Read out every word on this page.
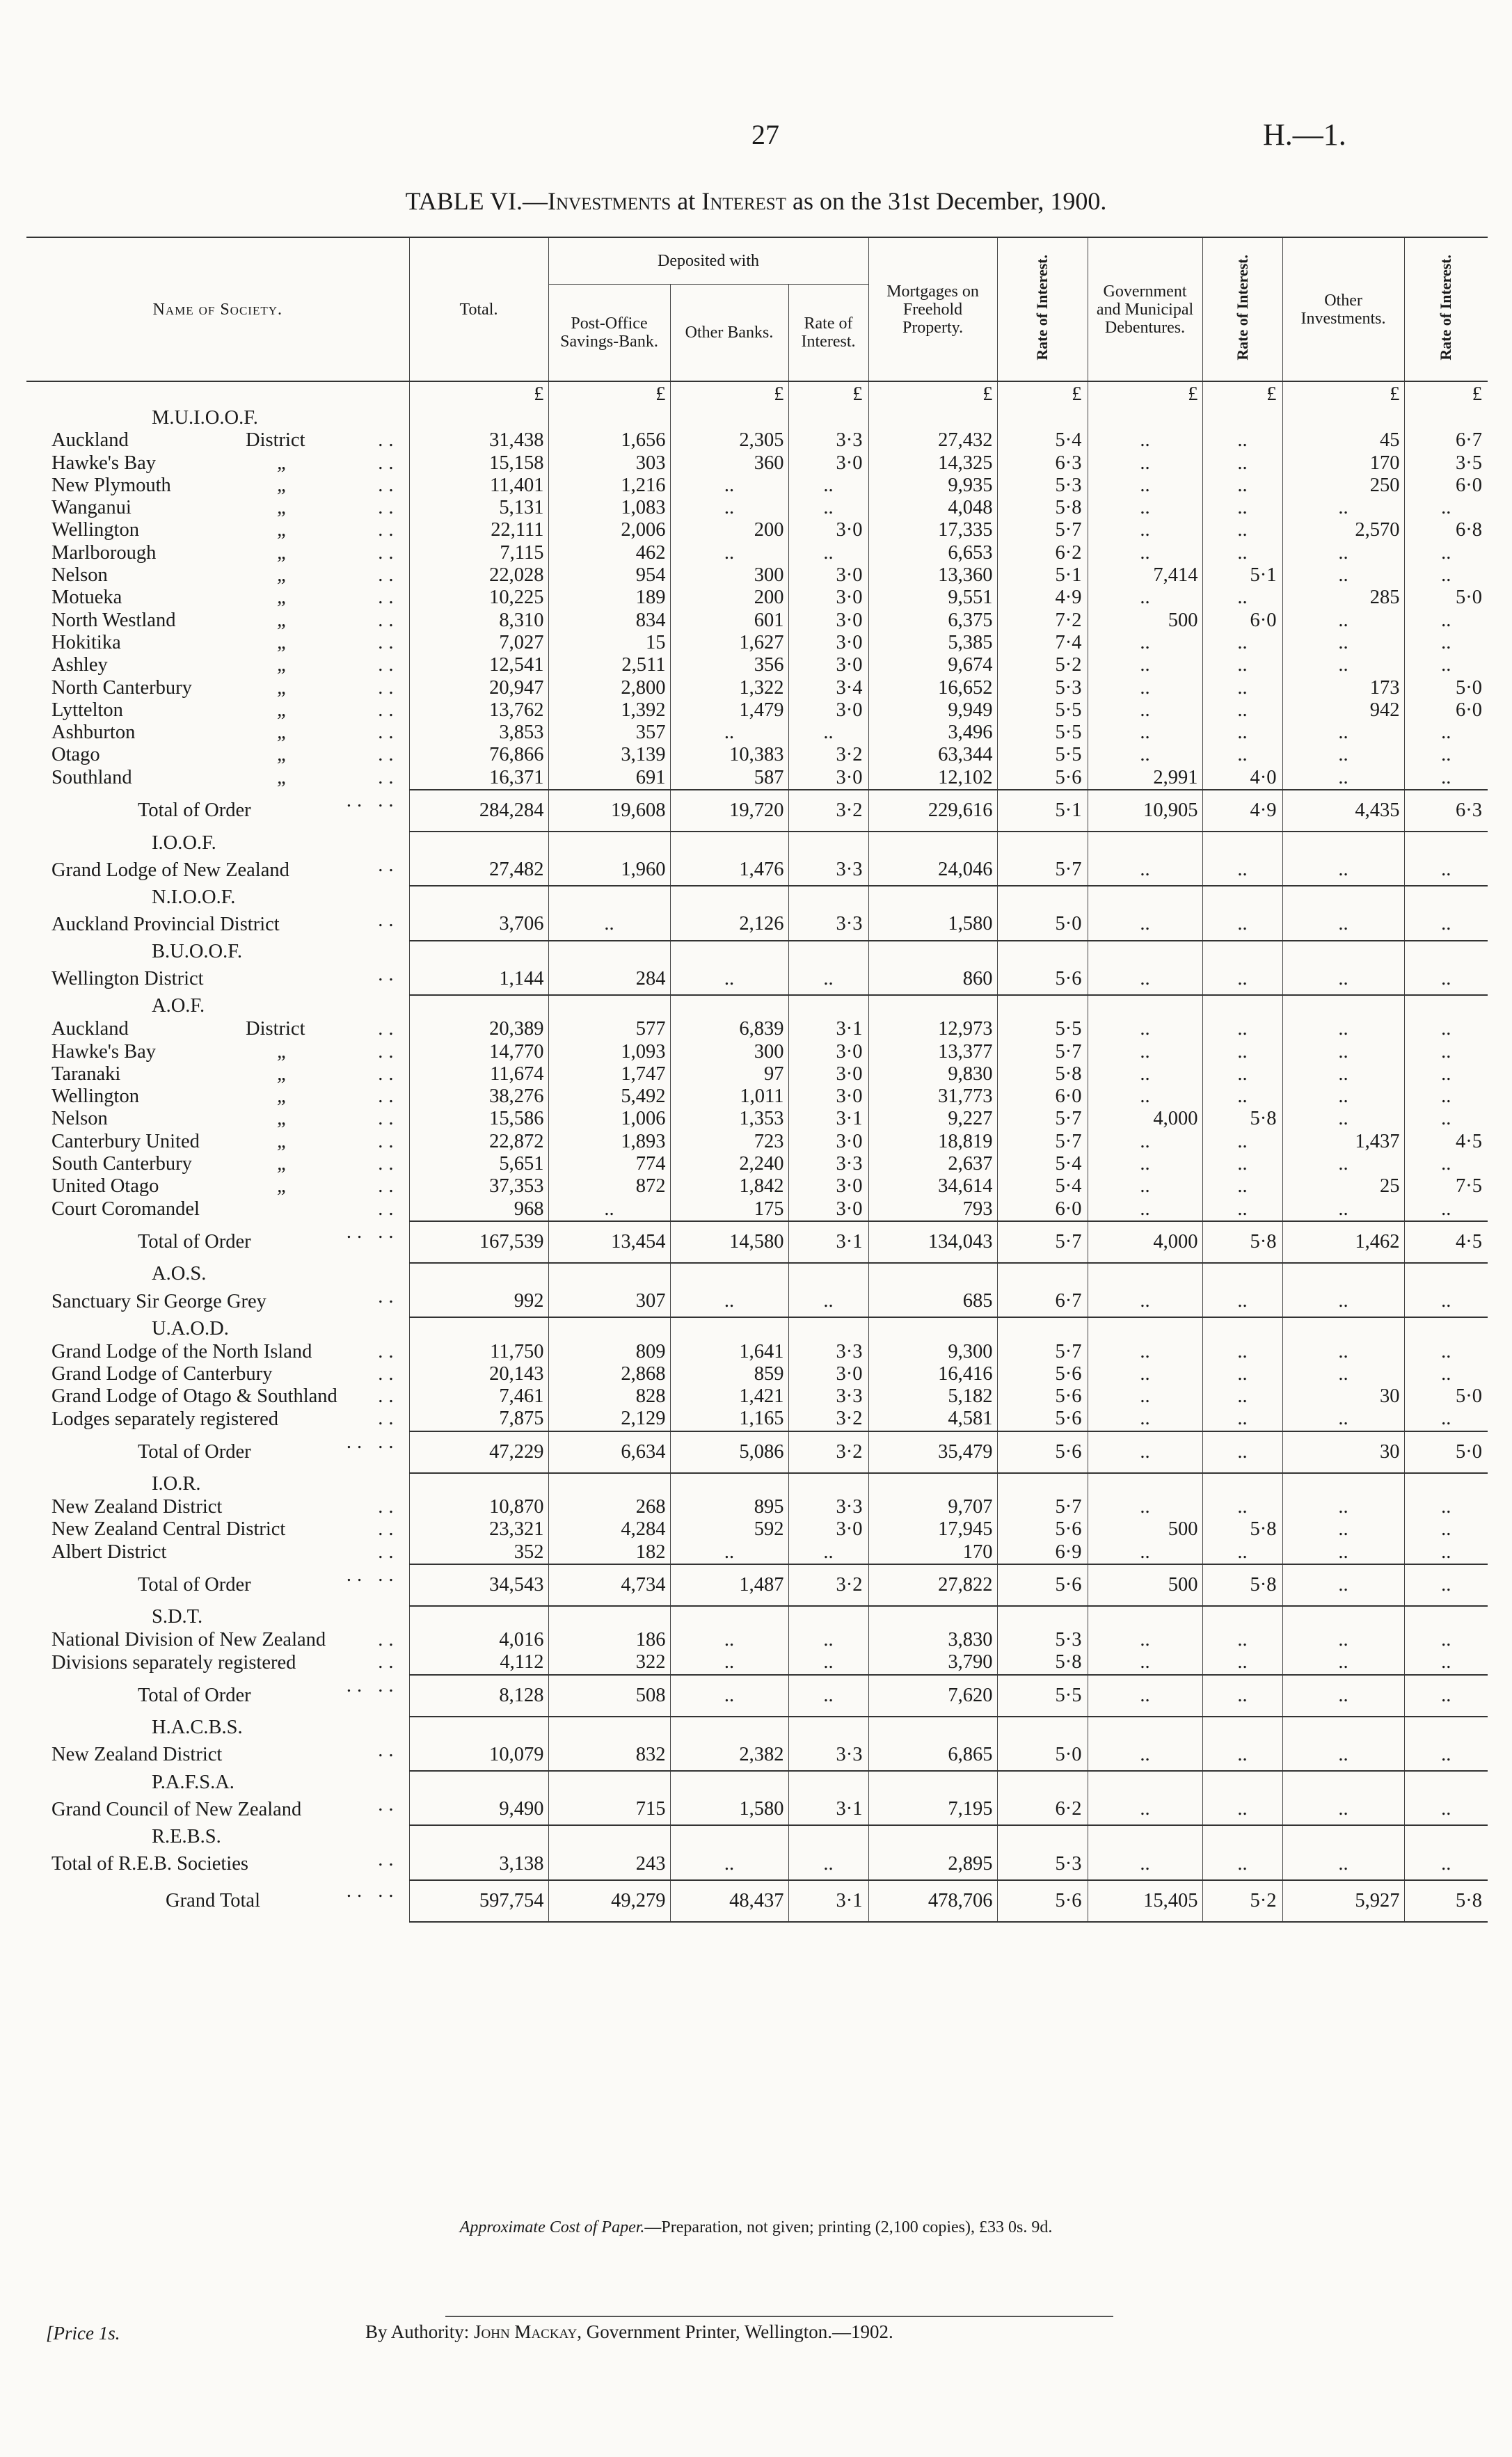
27	H.—1.
TABLE VI.—Investments at Interest as on the 31st December, 1900.
Name of Society.	Total.	Deposited with			Mortgages on Freehold Property.	Rate of Interest.	Government and Municipal Debentures.	Rate of Interest.	Other Investments.	Rate of Interest.
		Post-Office Savings-Bank.	Other Banks.	Rate of Interest.						
	£	£	£	£	£	£	£	£	£	£
M.U.I.O.O.F.										
Auckland District ..	31,438	1,656	2,305	3·3	27,432	5·4	..	..	45	6·7
Hawke's Bay „ ..	15,158	303	360	3·0	14,325	6·3	..	..	170	3·5
New Plymouth „ ..	11,401	1,216	..	..	9,935	5·3	..	..	250	6·0
Wanganui „ ..	5,131	1,083	..	..	4,048	5·8	..	..	..	..
Wellington „ ..	22,111	2,006	200	3·0	17,335	5·7	..	..	2,570	6·8
Marlborough „ ..	7,115	462	..	..	6,653	6·2	..	..	..	..
Nelson „ ..	22,028	954	300	3·0	13,360	5·1	7,414	5·1	..	..
Motueka „ ..	10,225	189	200	3·0	9,551	4·9	..	..	285	5·0
North Westland „ ..	8,310	834	601	3·0	6,375	7·2	500	6·0	..	..
Hokitika „ ..	7,027	15	1,627	3·0	5,385	7·4	..	..	..	..
Ashley „ ..	12,541	2,511	356	3·0	9,674	5·2	..	..	..	..
North Canterbury „ ..	20,947	2,800	1,322	3·4	16,652	5·3	..	..	173	5·0
Lyttelton „ ..	13,762	1,392	1,479	3·0	9,949	5·5	..	..	942	6·0
Ashburton „ ..	3,853	357	..	..	3,496	5·5	..	..	..	..
Otago „ ..	76,866	3,139	10,383	3·2	63,344	5·5	..	..	..	..
Southland „ ..	16,371	691	587	3·0	12,102	5·6	2,991	4·0	..	..
Total of Order .. ..	284,284	19,608	19,720	3·2	229,616	5·1	10,905	4·9	4,435	6·3
I.O.O.F.										
Grand Lodge of New Zealand ..	27,482	1,960	1,476	3·3	24,046	5·7	..	..	..	..
N.I.O.O.F.										
Auckland Provincial District ..	3,706	..	2,126	3·3	1,580	5·0	..	..	..	..
B.U.O.O.F.										
Wellington District ..	1,144	284	..	..	860	5·6	..	..	..	..
A.O.F.										
Auckland District ..	20,389	577	6,839	3·1	12,973	5·5	..	..	..	..
Hawke's Bay „ ..	14,770	1,093	300	3·0	13,377	5·7	..	..	..	..
Taranaki „ ..	11,674	1,747	97	3·0	9,830	5·8	..	..	..	..
Wellington „ ..	38,276	5,492	1,011	3·0	31,773	6·0	..	..	..	..
Nelson „ ..	15,586	1,006	1,353	3·1	9,227	5·7	4,000	5·8	..	..
Canterbury United „ ..	22,872	1,893	723	3·0	18,819	5·7	..	..	1,437	4·5
South Canterbury „ ..	5,651	774	2,240	3·3	2,637	5·4	..	..	..	..
United Otago „ ..	37,353	872	1,842	3·0	34,614	5·4	..	..	25	7·5
Court Coromandel ..	968	..	175	3·0	793	6·0	..	..	..	..
Total of Order .. ..	167,539	13,454	14,580	3·1	134,043	5·7	4,000	5·8	1,462	4·5
A.O.S.										
Sanctuary Sir George Grey ..	992	307	..	..	685	6·7	..	..	..	..
U.A.O.D.										
Grand Lodge of the North Island ..	11,750	809	1,641	3·3	9,300	5·7	..	..	..	..
Grand Lodge of Canterbury ..	20,143	2,868	859	3·0	16,416	5·6	..	..	..	..
Grand Lodge of Otago & Southland ..	7,461	828	1,421	3·3	5,182	5·6	..	..	30	5·0
Lodges separately registered ..	7,875	2,129	1,165	3·2	4,581	5·6	..	..	..	..
Total of Order .. ..	47,229	6,634	5,086	3·2	35,479	5·6	..	..	30	5·0
I.O.R.										
New Zealand District ..	10,870	268	895	3·3	9,707	5·7	..	..	..	..
New Zealand Central District ..	23,321	4,284	592	3·0	17,945	5·6	500	5·8	..	..
Albert District ..	352	182	..	..	170	6·9	..	..	..	..
Total of Order .. ..	34,543	4,734	1,487	3·2	27,822	5·6	500	5·8	..	..
S.D.T.										
National Division of New Zealand ..	4,016	186	..	..	3,830	5·3	..	..	..	..
Divisions separately registered ..	4,112	322	..	..	3,790	5·8	..	..	..	..
Total of Order .. ..	8,128	508	..	..	7,620	5·5	..	..	..	..
H.A.C.B.S.										
New Zealand District ..	10,079	832	2,382	3·3	6,865	5·0	..	..	..	..
P.A.F.S.A.										
Grand Council of New Zealand ..	9,490	715	1,580	3·1	7,195	6·2	..	..	..	..
R.E.B.S.										
Total of R.E.B. Societies ..	3,138	243	..	..	2,895	5·3	..	..	..	..
Grand Total .. ..	597,754	49,279	48,437	3·1	478,706	5·6	15,405	5·2	5,927	5·8
Approximate Cost of Paper.—Preparation, not given; printing (2,100 copies), £33 0s. 9d.
[Price 1s.	By Authority: John Mackay, Government Printer, Wellington.—1902.
